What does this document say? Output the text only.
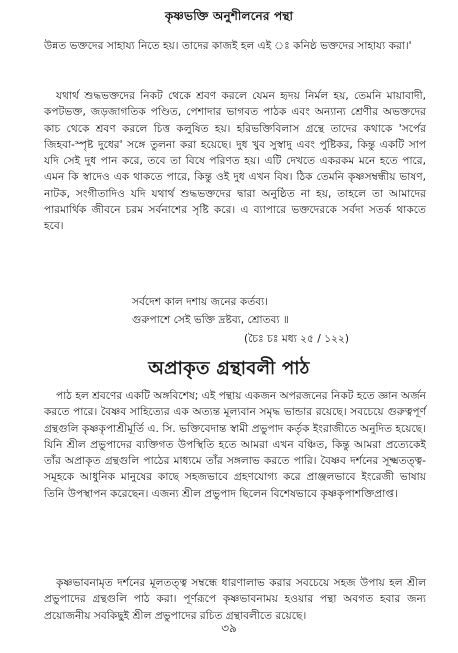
কৃষ্ণভক্তি অনুশীলনের পন্থা

উন্নত ভক্তদের সাহায্য নিতে হয়। তাদের কাজই হল এই ঃ কনিষ্ঠ ভক্তদের সাহায্য করা।'

যথার্থ শুদ্ধভক্তদের নিকট থেকে শ্রবণ করলে যেমন হৃদয় নির্মল হয়, তেমনি মায়াবাদী, কপটভক্ত, জড়জাগতিক পণ্ডিত, পেশাদার ভাগবত পাঠক এবং অন্যান্য শ্রেণীর অভক্তদের কাচ থেকে শ্রবণ করলে চিত্ত কলুষিত হয়। হরিভক্তিবিলাস গ্রন্থে তাদের কথাকে 'সর্পের জিহবা-স্পৃষ্ট দুধের' সঙ্গে তুলনা করা হয়েছে। দুধ খুব সুস্বাদু এবং পুষ্টিকর, কিন্তু একটি সাপ যদি সেই দুধ পান করে, তবে তা বিষে পরিণত হয়। এটি দেখতে একরকম মনে হতে পারে, এমন কি স্বাদেও এক থাকতে পারে, কিন্তু ওই দুধ এখন বিষ। ঠিক তেমনি কৃষ্ণসম্বন্ধীয় ভাষণ, নাটক, সংগীতাদিও যদি যথার্থ শুদ্ধভক্তদের দ্বারা অনুষ্ঠিত না হয়, তাহলে তা আমাদের পারমার্থিক জীবনে চরম সর্বনাশের সৃষ্টি করে। এ ব্যাপারে ভক্তদেরকে সর্বদা সতর্ক থাকতে হবে।

সর্বদেশ কাল দশায় জনের কর্তব্য।
গুরুপাশে সেই ভক্তি দ্রষ্টব্য, শ্রোতব্য ॥
(চৈঃ চঃ মধ্য ২৫ / ১২২)
অপ্রাকৃত গ্রন্থাবলী পাঠ

পাঠ হল শ্রবণের একটি অঙ্গবিশেষ; এই পন্থায় একজন অপরজনের নিকট হতে জ্ঞান অর্জন করতে পারে। বৈষ্ণব সাহিত্যের এক অত্যন্ত মূল্যবান সমৃদ্ধ ভান্ডার রয়েছে। সবচেয়ে গুরুত্বপূর্ণ গ্রন্থগুলি কৃষ্ণকৃপাশ্রীমূর্তি এ. সি. ভক্তিবেদান্ত স্বামী প্রভুপাদ কর্তৃক ইংরাজীতে অনুদিত হয়েছে। যিনি শ্রীল প্রভুপাদের ব্যক্তিগত উপস্থিতি হতে আমরা এখন বঞ্চিত, কিন্তু আমরা প্রত্যেকেই তাঁর অপ্রাকৃত গ্রন্থগুলি পাঠের মাধ্যমে তাঁর সঙ্গলাভ করতে পারি। বৈষ্ণব দর্শনের সূক্ষ্মতত্ত্ব-সমূহকে আধুনিক মানুষের কাছে সহজভাবে গ্রহণযোগ্য করে প্রাঞ্জলভাবে ইংরেজী ভাষায় তিনি উপস্থাপন করেছেন। এজন্য শ্রীল প্রভুপাদ ছিলেন বিশেষভাবে কৃষ্ণকৃপাশক্তিপ্রাপ্ত।

কৃষ্ণভাবনামৃত দর্শনের মূলতত্ত্ব সম্বন্ধে ধারণালাভ করার সবচেয়ে সহজ উপায় হল শ্রীল প্রভুপাদের গ্রন্থগুলি পাঠ করা। পূর্ণরূপে কৃষ্ণভাবনাময় হওয়ার পন্থা অবগত হবার জন্য প্রয়োজনীয় সবকিছুই শ্রীল প্রভুপাদের রচিত গ্রন্থাবলীতে রয়েছে।

৩৯
